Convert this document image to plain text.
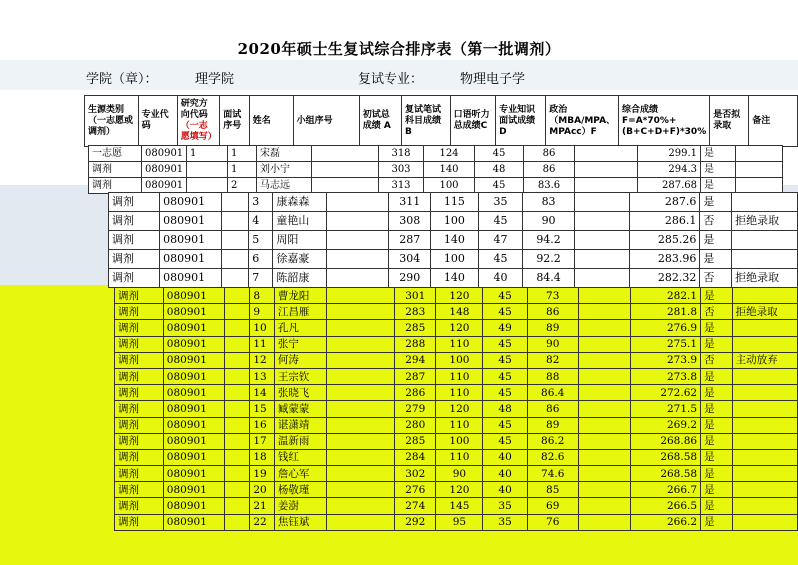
2020年硕士生复试综合排序表（第一批调剂）
学院（章）：	理学院	复试专业：	物理电子学
生源类别（一志愿或调剂）	专业代码	研究方向代码
（一志愿填写）
	面试序号	姓名	小组序号	初试总成绩 A	复试笔试科目成绩B	口语听力总成绩C	专业知识面试成绩D	政治（MBA/MPA、MPAcc）F	综合成绩 F=A*70%+(B+C+D+F)*30%	是否拟录取	备注
一志愿	080901	1	1	宋磊		318	124	45	86		299.1	是	
调剂	080901		1	刘小宁		303	140	48	86		294.3	是	
调剂	080901		2	马志远		313	100	45	83.6		287.68	是	
调剂	080901		3	康森森		311	115	35	83		287.6	是	
调剂	080901		4	童艳山		308	100	45	90		286.1	否	拒绝录取
调剂	080901		5	周阳		287	140	47	94.2		285.26	是	
调剂	080901		6	徐嘉豪		304	100	45	92.2		283.96	是	
调剂	080901		7	陈韶康		290	140	40	84.4		282.32	否	拒绝录取
调剂	080901		8	曹龙阳		301	120	45	73		282.1	是	
调剂	080901		9	江昌雁		283	148	45	86		281.8	否	拒绝录取
调剂	080901		10	孔凡		285	120	49	89		276.9	是	
调剂	080901		11	张宁		288	110	45	90		275.1	是	
调剂	080901		12	何涛		294	100	45	82		273.9	否	主动放弃
调剂	080901		13	王宗钦		287	110	45	88		273.8	是	
调剂	080901		14	张晓飞		286	110	45	86.4		272.62	是	
调剂	080901		15	臧蒙蒙		279	120	48	86		271.5	是	
调剂	080901		16	谌潇靖		280	110	45	89		269.2	是	
调剂	080901		17	温新雨		285	100	45	86.2		268.86	是	
调剂	080901		18	钱红		284	110	40	82.6		268.58	是	
调剂	080901		19	詹心军		302	90	40	74.6		268.58	是	
调剂	080901		20	杨敬瑾		276	120	40	85		266.7	是	
调剂	080901		21	姜澍		274	145	35	69		266.5	是	
调剂	080901		22	焦钰斌		292	95	35	76		266.2	是	
